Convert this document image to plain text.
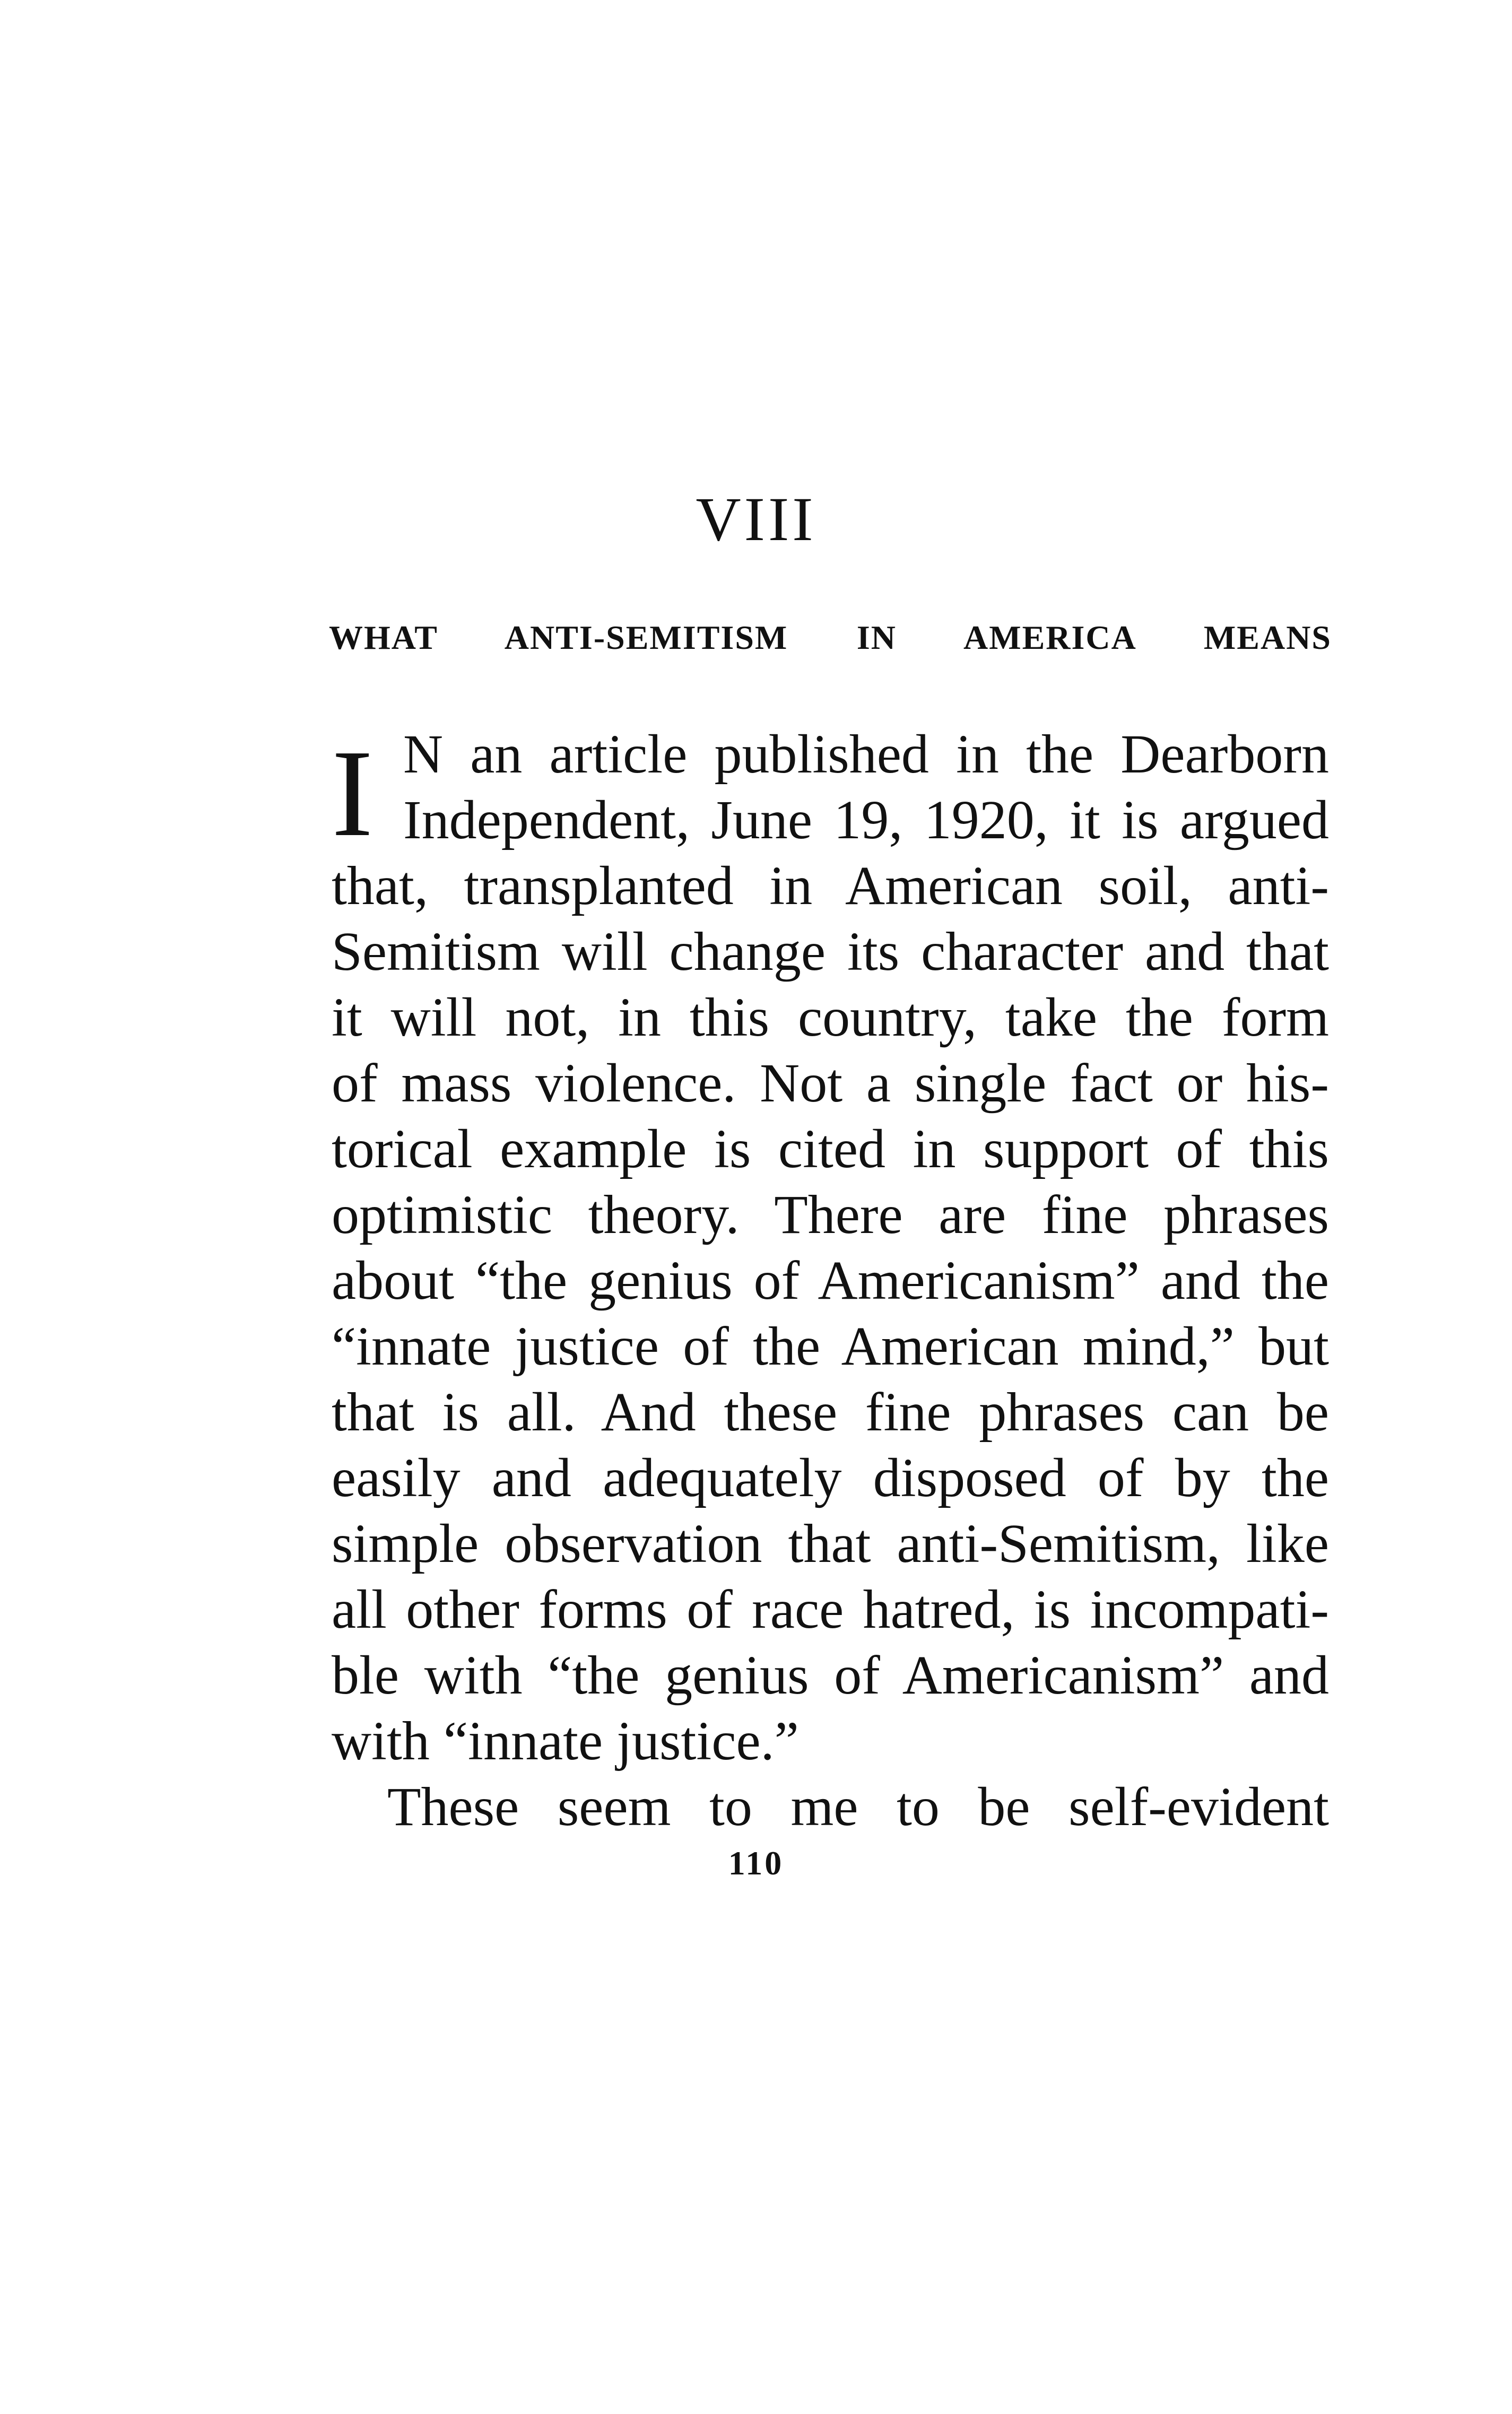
VIII
WHAT ANTI-SEMITISM IN AMERICA MEANS
I N an article published in the Dearborn
Independent, June 19, 1920, it is argued
that, transplanted in American soil, anti-
Semitism will change its character and that
it will not, in this country, take the form
of mass violence. Not a single fact or his-
torical example is cited in support of this
optimistic theory. There are fine phrases
about “the genius of Americanism” and the
“innate justice of the American mind,” but
that is all. And these fine phrases can be
easily and adequately disposed of by the
simple observation that anti-Semitism, like
all other forms of race hatred, is incompati-
ble with “the genius of Americanism” and
with “innate justice.”
These seem to me to be self-evident
110
